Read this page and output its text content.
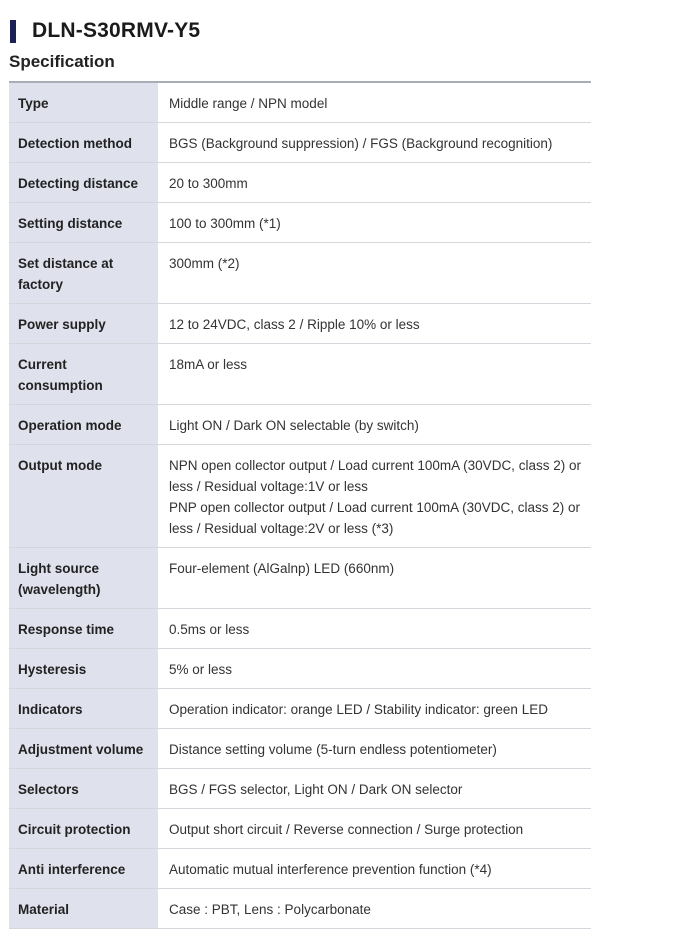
DLN-S30RMV-Y5
Specification
Type	Middle range / NPN model

Detection method	BGS (Background suppression) / FGS (Background recognition)

Detecting distance	20 to 300mm

Setting distance	100 to 300mm (*1)

Set distance at factory	300mm (*2)

Power supply	12 to 24VDC, class 2 / Ripple 10% or less

Current consumption	18mA or less

Operation mode	Light ON / Dark ON selectable (by switch)

Output mode	NPN open collector output / Load current 100mA (30VDC, class 2) or less / Residual voltage:1V or less
PNP open collector output / Load current 100mA (30VDC, class 2) or less / Residual voltage:2V or less (*3)

Light source (wavelength)	Four-element (AlGalnp) LED (660nm)

Response time	0.5ms or less

Hysteresis	5% or less

Indicators	Operation indicator: orange LED / Stability indicator: green LED

Adjustment volume	Distance setting volume (5-turn endless potentiometer)

Selectors	BGS / FGS selector, Light ON / Dark ON selector

Circuit protection	Output short circuit / Reverse connection / Surge protection

Anti interference	Automatic mutual interference prevention function (*4)

Material	Case : PBT, Lens : Polycarbonate
